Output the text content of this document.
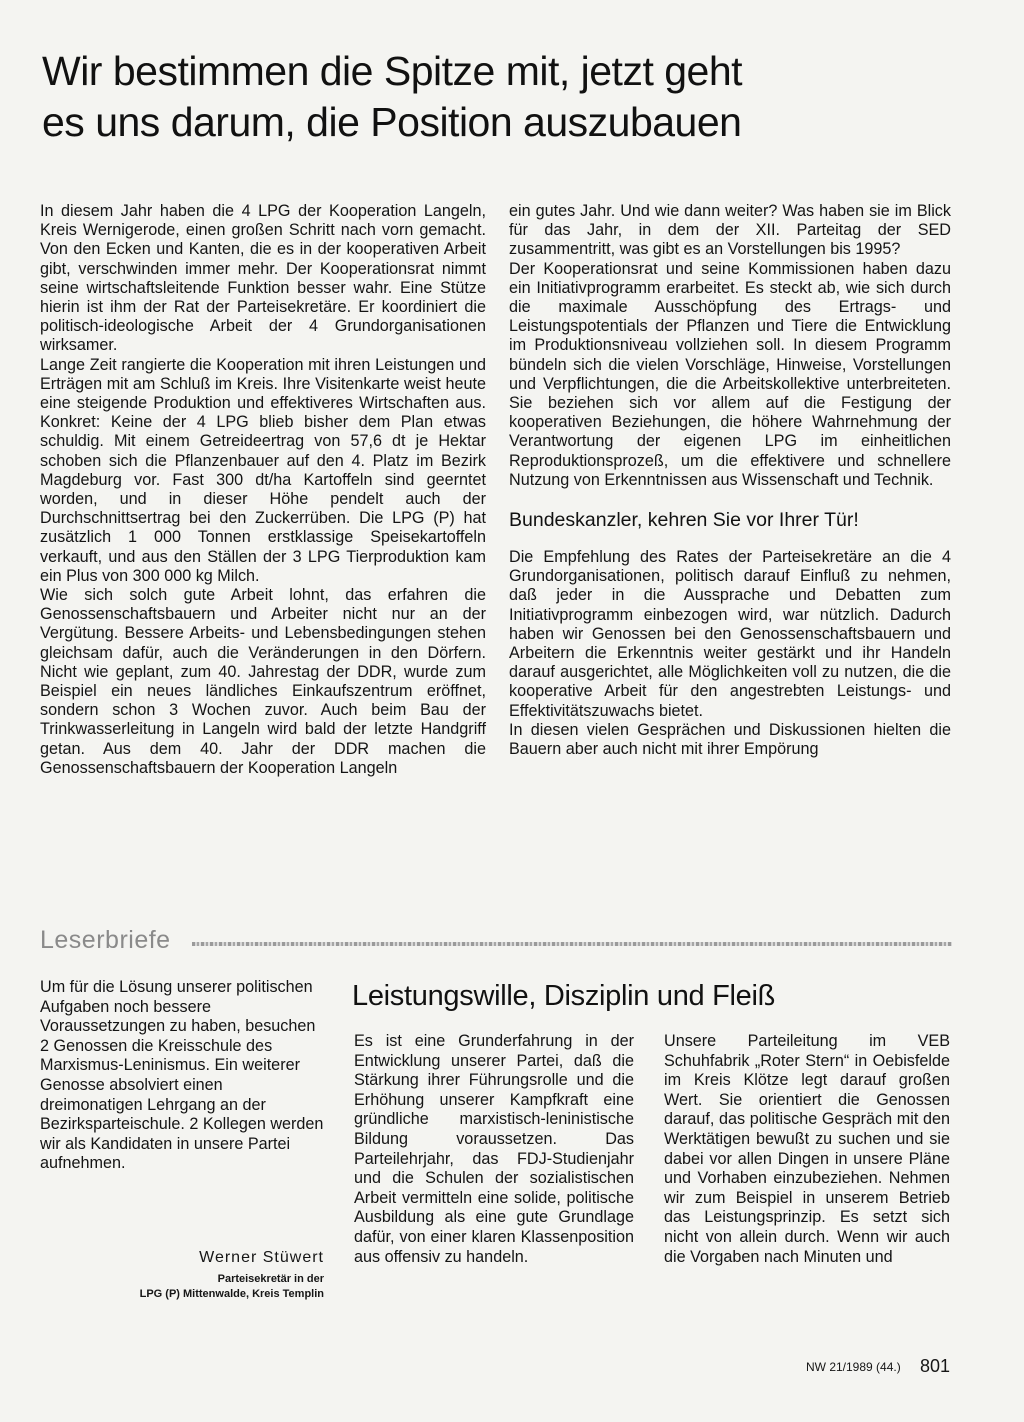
Wir bestimmen die Spitze mit, jetzt geht
es uns darum, die Position auszubauen

In diesem Jahr haben die 4 LPG der Kooperation Langeln, Kreis Wernigerode, einen großen Schritt nach vorn gemacht. Von den Ecken und Kanten, die es in der kooperativen Arbeit gibt, verschwinden immer mehr. Der Kooperationsrat nimmt seine wirtschaftsleitende Funktion besser wahr. Eine Stütze hierin ist ihm der Rat der Parteisekretäre. Er koordiniert die politisch-ideologische Arbeit der 4 Grundorganisationen wirksamer.

Lange Zeit rangierte die Kooperation mit ihren Leistungen und Erträgen mit am Schluß im Kreis. Ihre Visitenkarte weist heute eine steigende Produktion und effektiveres Wirtschaften aus. Konkret: Keine der 4 LPG blieb bisher dem Plan etwas schuldig. Mit einem Getreideertrag von 57,6 dt je Hektar schoben sich die Pflanzenbauer auf den 4. Platz im Bezirk Magdeburg vor. Fast 300 dt/ha Kartoffeln sind geerntet worden, und in dieser Höhe pendelt auch der Durchschnittsertrag bei den Zuckerrüben. Die LPG (P) hat zusätzlich 1 000 Tonnen erstklassige Speisekartoffeln verkauft, und aus den Ställen der 3 LPG Tierproduktion kam ein Plus von 300 000 kg Milch.

Wie sich solch gute Arbeit lohnt, das erfahren die Genossenschaftsbauern und Arbeiter nicht nur an der Vergütung. Bessere Arbeits- und Lebensbedingungen stehen gleichsam dafür, auch die Veränderungen in den Dörfern. Nicht wie geplant, zum 40. Jahrestag der DDR, wurde zum Beispiel ein neues ländliches Einkaufszentrum eröffnet, sondern schon 3 Wochen zuvor. Auch beim Bau der Trinkwasserleitung in Langeln wird bald der letzte Handgriff getan. Aus dem 40. Jahr der DDR machen die Genossenschaftsbauern der Kooperation Langeln

ein gutes Jahr. Und wie dann weiter? Was haben sie im Blick für das Jahr, in dem der XII. Parteitag der SED zusammentritt, was gibt es an Vorstellungen bis 1995?

Der Kooperationsrat und seine Kommissionen haben dazu ein Initiativprogramm erarbeitet. Es steckt ab, wie sich durch die maximale Ausschöpfung des Ertrags- und Leistungspotentials der Pflanzen und Tiere die Entwicklung im Produktionsniveau vollziehen soll. In diesem Programm bündeln sich die vielen Vorschläge, Hinweise, Vorstellungen und Verpflichtungen, die die Arbeitskollektive unterbreiteten. Sie beziehen sich vor allem auf die Festigung der kooperativen Beziehungen, die höhere Wahrnehmung der Verantwortung der eigenen LPG im einheitlichen Reproduktionsprozeß, um die effektivere und schnellere Nutzung von Erkenntnissen aus Wissenschaft und Technik.

Bundeskanzler, kehren Sie vor Ihrer Tür!

Die Empfehlung des Rates der Parteisekretäre an die 4 Grundorganisationen, politisch darauf Einfluß zu nehmen, daß jeder in die Aussprache und Debatten zum Initiativprogramm einbezogen wird, war nützlich. Dadurch haben wir Genossen bei den Genossenschaftsbauern und Arbeitern die Erkenntnis weiter gestärkt und ihr Handeln darauf ausgerichtet, alle Möglichkeiten voll zu nutzen, die die kooperative Arbeit für den angestrebten Leistungs- und Effektivitätszuwachs bietet.

In diesen vielen Gesprächen und Diskussionen hielten die Bauern aber auch nicht mit ihrer Empörung

Leserbriefe

Um für die Lösung unserer politischen Aufgaben noch bessere Voraussetzungen zu haben, besuchen 2 Genossen die Kreisschule des Marxismus-Leninismus. Ein weiterer Genosse absolviert einen dreimonatigen Lehrgang an der Bezirksparteischule. 2 Kollegen werden wir als Kandidaten in unsere Partei aufnehmen.

Werner Stüwert
Parteisekretär in der
LPG (P) Mittenwalde, Kreis Templin
Leistungswille, Disziplin und Fleiß

Es ist eine Grunderfahrung in der Entwicklung unserer Partei, daß die Stärkung ihrer Führungsrolle und die Erhöhung unserer Kampfkraft eine gründliche marxistisch-leninistische Bildung voraussetzen. Das Parteilehrjahr, das FDJ-Studienjahr und die Schulen der sozialistischen Arbeit vermitteln eine solide, politische Ausbildung als eine gute Grundlage dafür, von einer klaren Klassenposition aus offensiv zu handeln.

Unsere Parteileitung im VEB Schuhfabrik „Roter Stern“ in Oebisfelde im Kreis Klötze legt darauf großen Wert. Sie orientiert die Genossen darauf, das politische Gespräch mit den Werktätigen bewußt zu suchen und sie dabei vor allen Dingen in unsere Pläne und Vorhaben einzubeziehen. Nehmen wir zum Beispiel in unserem Betrieb das Leistungsprinzip. Es setzt sich nicht von allein durch. Wenn wir auch die Vorgaben nach Minuten und

NW 21/1989 (44.) 801
